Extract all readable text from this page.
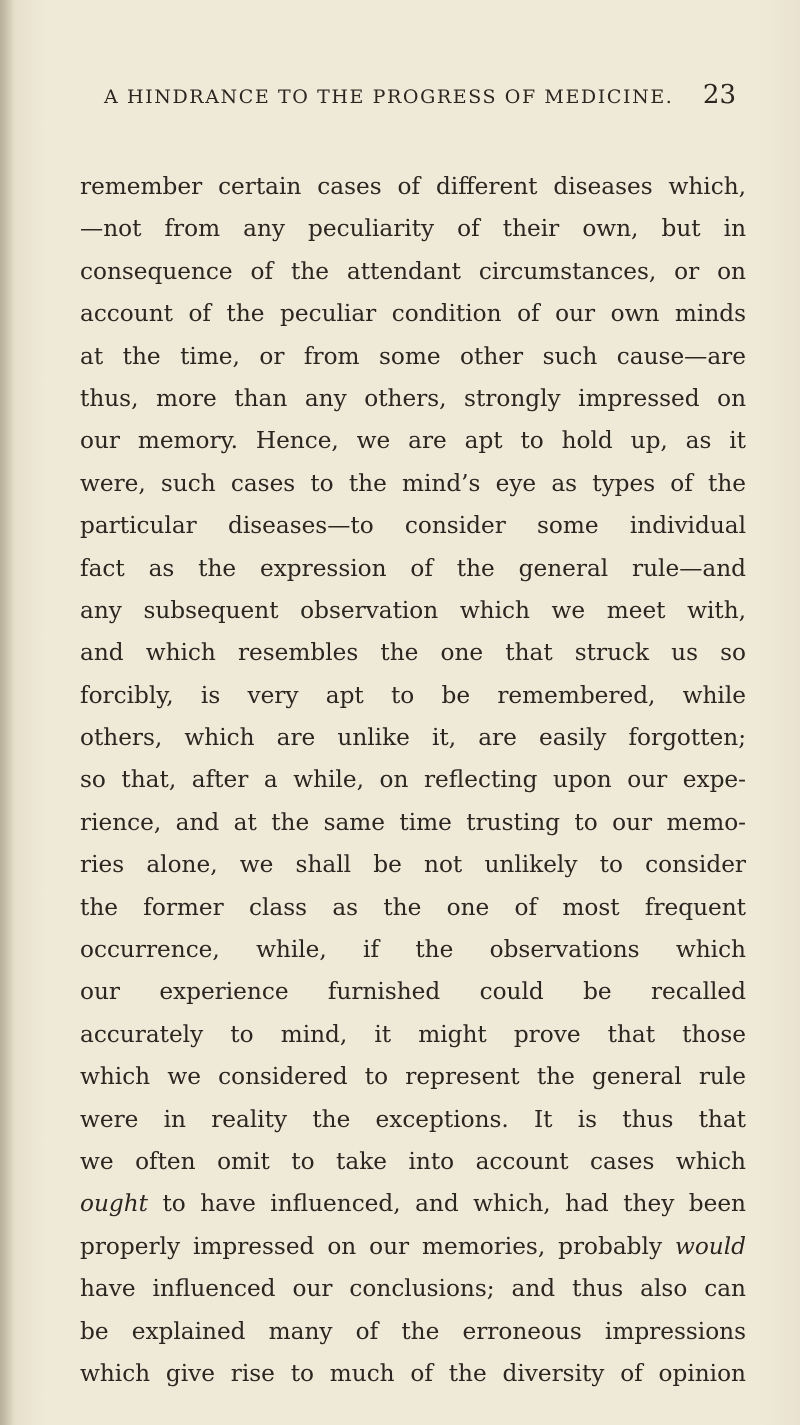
A HINDRANCE TO THE PROGRESS OF MEDICINE. 23
remember certain cases of different diseases which,
—not from any peculiarity of their own, but in
consequence of the attendant circumstances, or on
account of the peculiar condition of our own minds
at the time, or from some other such cause—are
thus, more than any others, strongly impressed on
our memory. Hence, we are apt to hold up, as it
were, such cases to the mind’s eye as types of the
particular diseases—to consider some individual
fact as the expression of the general rule—and
any subsequent observation which we meet with,
and which resembles the one that struck us so
forcibly, is very apt to be remembered, while
others, which are unlike it, are easily forgotten;
so that, after a while, on reflecting upon our expe-
rience, and at the same time trusting to our memo-
ries alone, we shall be not unlikely to consider
the former class as the one of most frequent
occurrence, while, if the observations which
our experience furnished could be recalled
accurately to mind, it might prove that those
which we considered to represent the general rule
were in reality the exceptions. It is thus that
we often omit to take into account cases which
ought to have influenced, and which, had they been
properly impressed on our memories, probably would
have influenced our conclusions; and thus also can
be explained many of the erroneous impressions
which give rise to much of the diversity of opinion
